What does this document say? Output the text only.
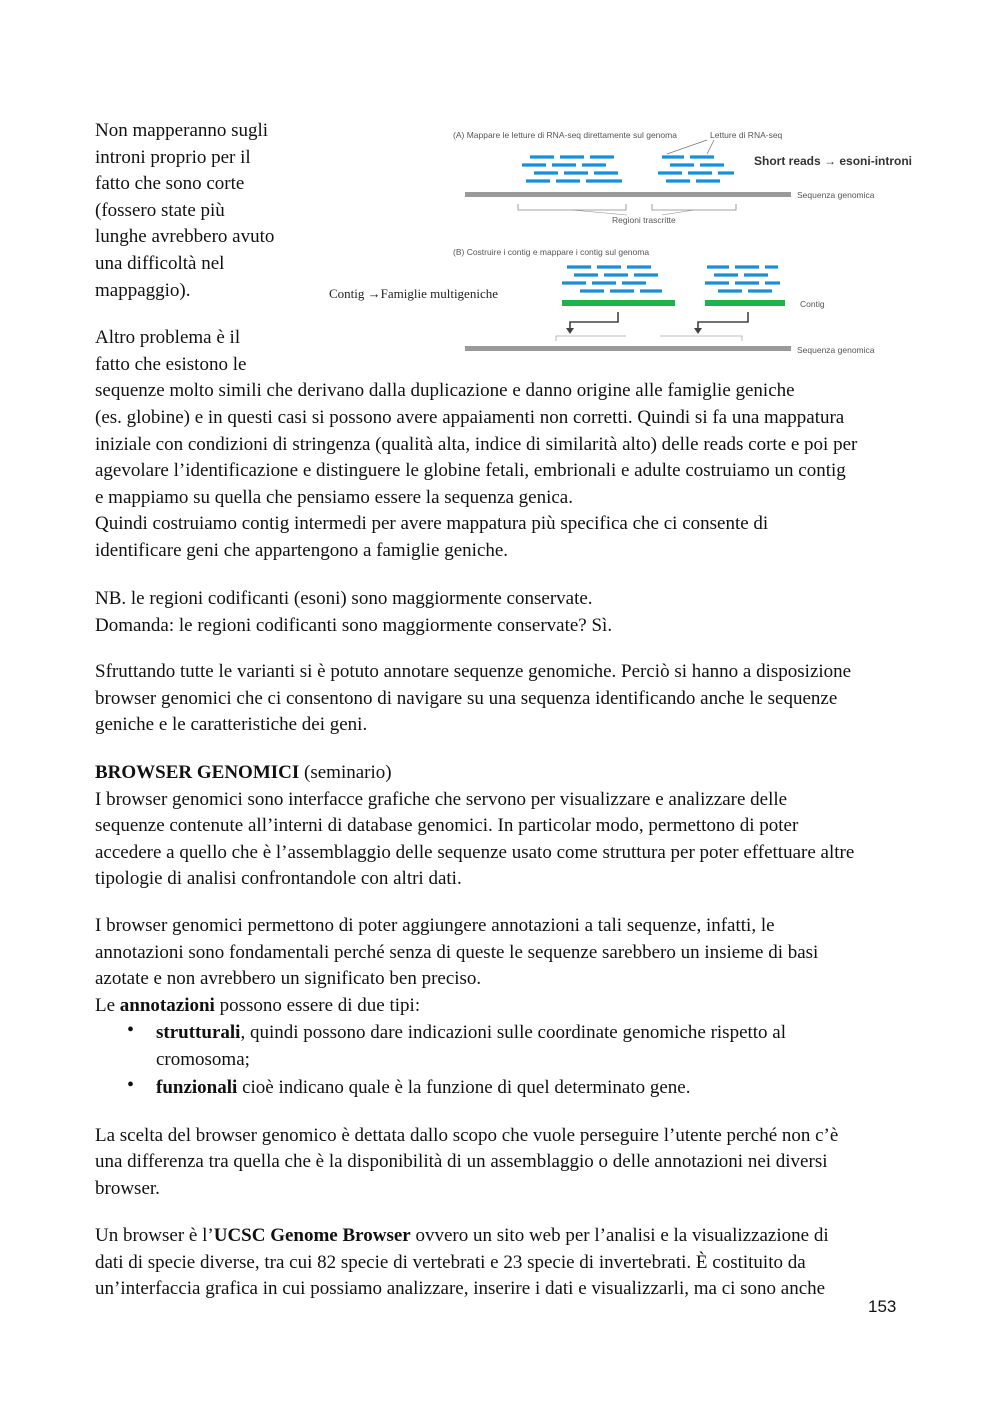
Non mapperanno sugli
introni proprio per il
fatto che sono corte
(fossero state più
lunghe avrebbero avuto
una difficoltà nel
mappaggio).
Altro problema è il
fatto che esistono le
(A) Mappare le letture di RNA-seq direttamente sul genoma	Letture di RNA-seq
Short reads → esoni-introni
Sequenza genomica
Regioni trascritte
(B) Costruire i contig e mappare i contig sul genoma
Contig →Famiglie multigeniche
Contig
Sequenza genomica
sequenze molto simili che derivano dalla duplicazione e danno origine alle famiglie geniche
(es. globine) e in questi casi si possono avere appaiamenti non corretti. Quindi si fa una mappatura
iniziale con condizioni di stringenza (qualità alta, indice di similarità alto) delle reads corte e poi per
agevolare l’identificazione e distinguere le globine fetali, embrionali e adulte costruiamo un contig
e mappiamo su quella che pensiamo essere la sequenza genica.
Quindi costruiamo contig intermedi per avere mappatura più specifica che ci consente di
identificare geni che appartengono a famiglie geniche.
NB. le regioni codificanti (esoni) sono maggiormente conservate.
Domanda: le regioni codificanti sono maggiormente conservate? Sì.
Sfruttando tutte le varianti si è potuto annotare sequenze genomiche. Perciò si hanno a disposizione
browser genomici che ci consentono di navigare su una sequenza identificando anche le sequenze
geniche e le caratteristiche dei geni.
BROWSER GENOMICI (seminario)
I browser genomici sono interfacce grafiche che servono per visualizzare e analizzare delle
sequenze contenute all’interni di database genomici. In particolar modo, permettono di poter
accedere a quello che è l’assemblaggio delle sequenze usato come struttura per poter effettuare altre
tipologie di analisi confrontandole con altri dati.
I browser genomici permettono di poter aggiungere annotazioni a tali sequenze, infatti, le
annotazioni sono fondamentali perché senza di queste le sequenze sarebbero un insieme di basi
azotate e non avrebbero un significato ben preciso.
Le annotazioni possono essere di due tipi:
• strutturali, quindi possono dare indicazioni sulle coordinate genomiche rispetto al
cromosoma;
• funzionali cioè indicano quale è la funzione di quel determinato gene.
La scelta del browser genomico è dettata dallo scopo che vuole perseguire l’utente perché non c’è
una differenza tra quella che è la disponibilità di un assemblaggio o delle annotazioni nei diversi
browser.
Un browser è l’UCSC Genome Browser ovvero un sito web per l’analisi e la visualizzazione di
dati di specie diverse, tra cui 82 specie di vertebrati e 23 specie di invertebrati. È costituito da
un’interfaccia grafica in cui possiamo analizzare, inserire i dati e visualizzarli, ma ci sono anche
153
